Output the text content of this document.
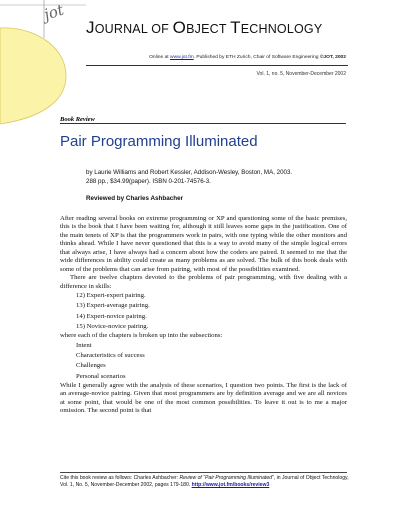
jot
JOURNAL OF OBJECT TECHNOLOGY
Online at www.jot.fm. Published by ETH Zurich, Chair of Software Engineering ©JOT, 2002
Vol. 1, no. 5, November-December 2002
Book Review
Pair Programming Illuminated
by Laurie Williams and Robert Kessler, Addison-Wesley, Boston, MA, 2003.
288 pp., $34.99(paper). ISBN 0-201-74576-3.
Reviewed by Charles Ashbacher

After reading several books on extreme programming or XP and questioning some of the basic premises, this is the book that I have been waiting for, although it still leaves some gaps in the justification. One of the main tenets of XP is that the programmers work in pairs, with one typing while the other monitors and thinks ahead. While I have never questioned that this is a way to avoid many of the simple logical errors that always arise, I have always had a concern about how the coders are paired. It seemed to me that the wide differences in ability could create as many problems as are solved. The bulk of this book deals with some of the problems that can arise from pairing, with most of the possibilities examined.

There are twelve chapters devoted to the problems of pair programming, with five dealing with a difference in skills:

12) Expert-expert pairing.
13) Expert-average pairing.
14) Expert-novice pairing.
15) Novice-novice pairing.

where each of the chapters is broken up into the subsections:

Intent
Characteristics of success
Challenges
Personal scenarios

While I generally agree with the analysis of these scenarios, I question two points. The first is the lack of an average-novice pairing. Given that most programmers are by definition average and we are all novices at some point, that would be one of the most common possibilities. To leave it out is to me a major omission. The second point is that

Cite this book review as follows: Charles Ashbacher: Review of “Pair Programming Illuminated”, in Journal of Object Technology, Vol. 1, No. 5, November-December 2002, pages 179-180. http://www.jot.fm/books/review3
